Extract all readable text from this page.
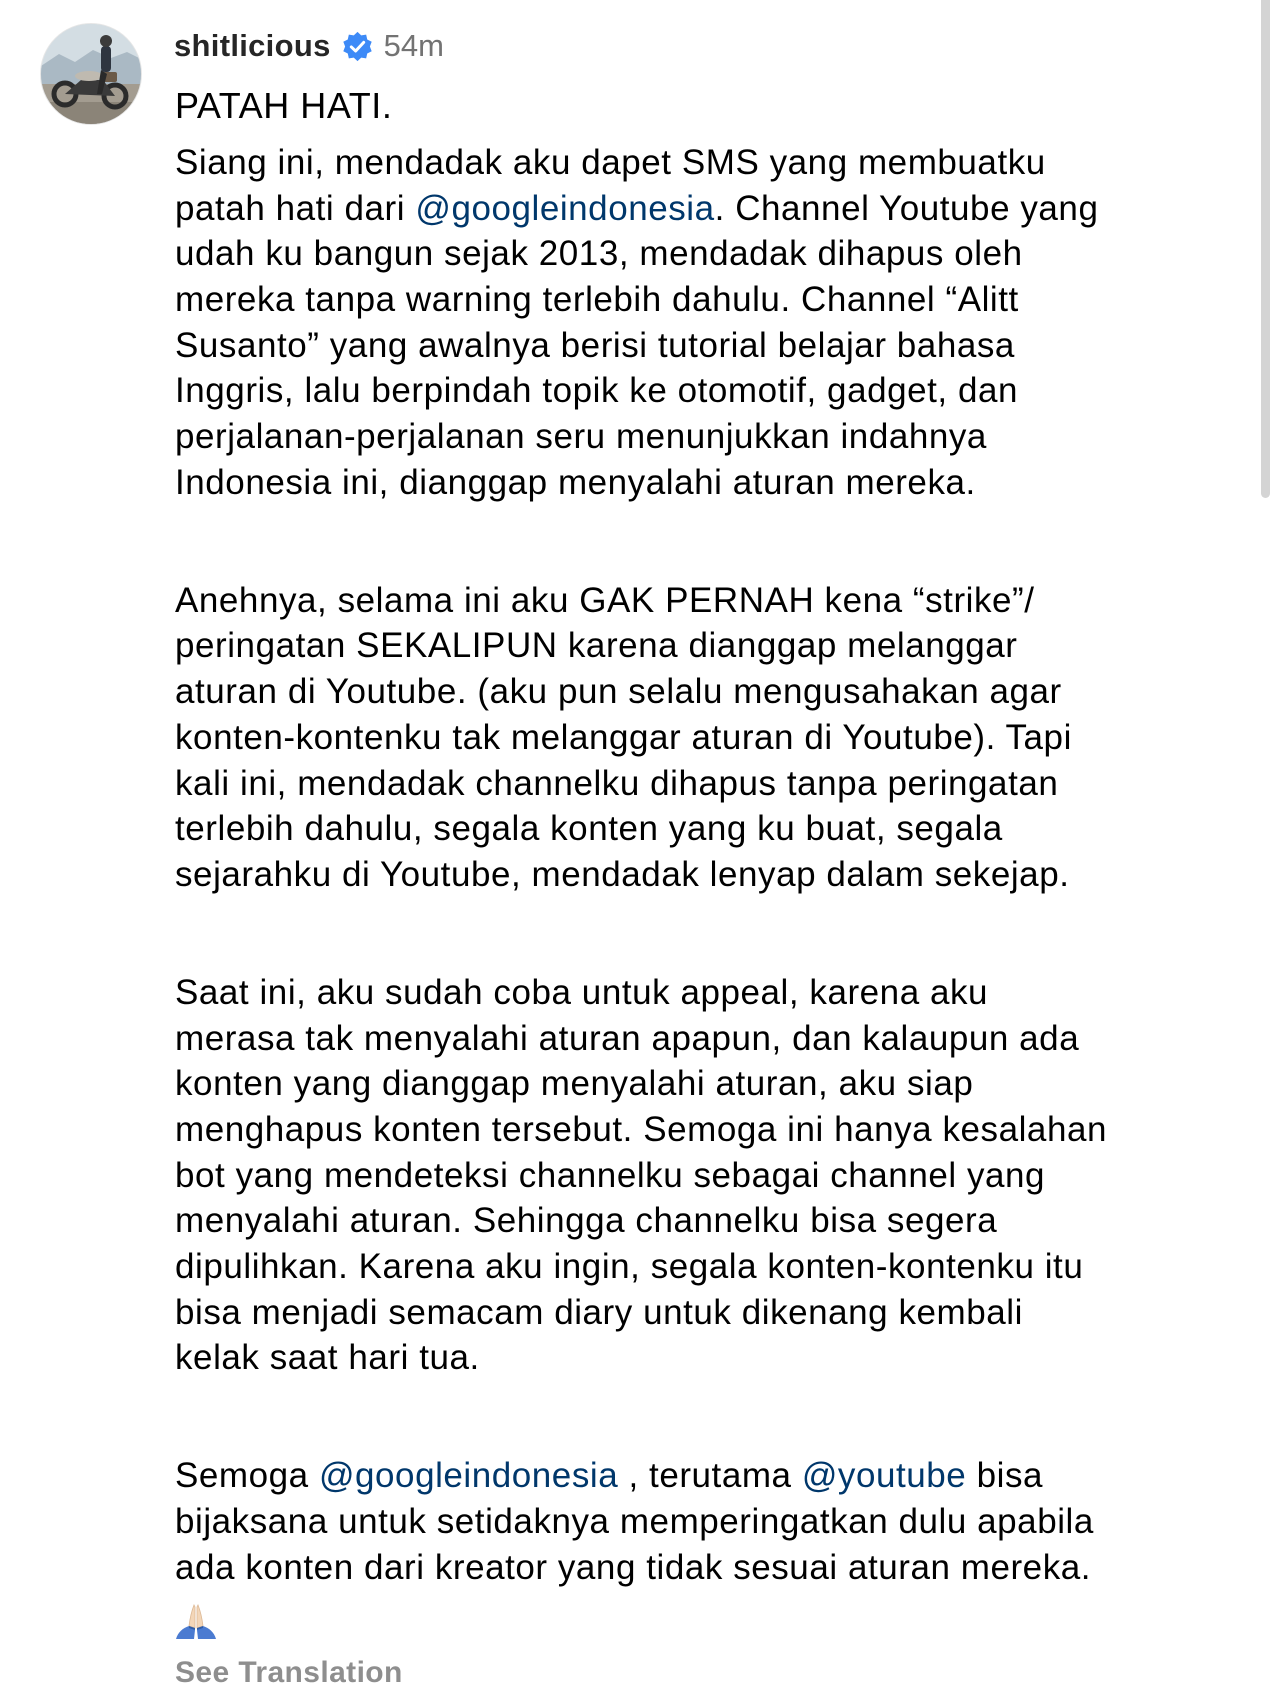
shitlicious 54m
PATAH HATI.
Siang ini, mendadak aku dapet SMS yang membuatku
patah hati dari @googleindonesia. Channel Youtube yang
udah ku bangun sejak 2013, mendadak dihapus oleh
mereka tanpa warning terlebih dahulu. Channel “Alitt
Susanto” yang awalnya berisi tutorial belajar bahasa
Inggris, lalu berpindah topik ke otomotif, gadget, dan
perjalanan-perjalanan seru menunjukkan indahnya
Indonesia ini, dianggap menyalahi aturan mereka.
Anehnya, selama ini aku GAK PERNAH kena “strike”/
peringatan SEKALIPUN karena dianggap melanggar
aturan di Youtube. (aku pun selalu mengusahakan agar
konten-kontenku tak melanggar aturan di Youtube). Tapi
kali ini, mendadak channelku dihapus tanpa peringatan
terlebih dahulu, segala konten yang ku buat, segala
sejarahku di Youtube, mendadak lenyap dalam sekejap.
Saat ini, aku sudah coba untuk appeal, karena aku
merasa tak menyalahi aturan apapun, dan kalaupun ada
konten yang dianggap menyalahi aturan, aku siap
menghapus konten tersebut. Semoga ini hanya kesalahan
bot yang mendeteksi channelku sebagai channel yang
menyalahi aturan. Sehingga channelku bisa segera
dipulihkan. Karena aku ingin, segala konten-kontenku itu
bisa menjadi semacam diary untuk dikenang kembali
kelak saat hari tua.
Semoga @googleindonesia , terutama @youtube bisa
bijaksana untuk setidaknya memperingatkan dulu apabila
ada konten dari kreator yang tidak sesuai aturan mereka.
See Translation
